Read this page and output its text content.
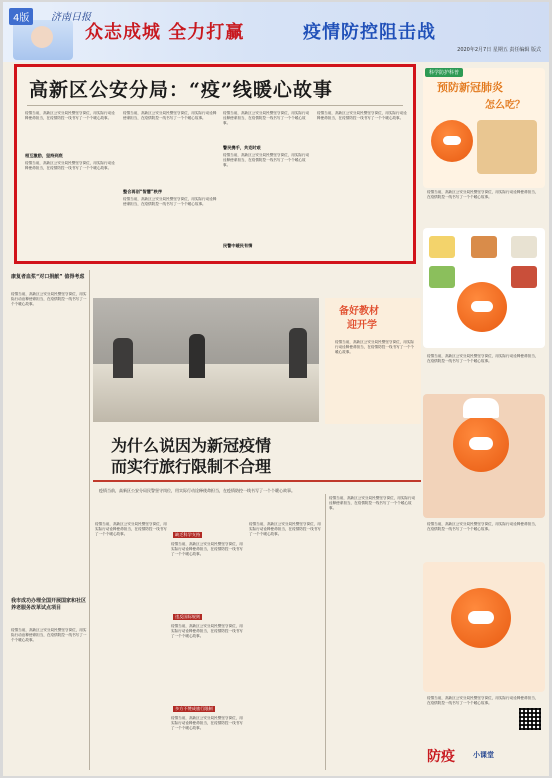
4版	济南日报
众志成城 全力打赢	疫情防控阻击战
2020年2月7日 星期五 责任编辑 版式
高新区公安分局：“疫”线暖心故事
相互激励，坚持到底
整合再创“智慧”秩序
警民携手，共克时艰
民警中暖民有情
疫情当前，高新区公安分局民警坚守岗位，用实际行动诠释使命担当，在疫情防控一线书写了一个个暖心故事。
疫情当前，高新区公安分局民警坚守岗位，用实际行动诠释使命担当，在疫情防控一线书写了一个个暖心故事。
疫情当前，高新区公安分局民警坚守岗位，用实际行动诠释使命担当，在疫情防控一线书写了一个个暖心故事。
疫情当前，高新区公安分局民警坚守岗位，用实际行动诠释使命担当，在疫情防控一线书写了一个个暖心故事。
疫情当前，高新区公安分局民警坚守岗位，用实际行动诠释使命担当，在疫情防控一线书写了一个个暖心故事。
疫情当前，高新区公安分局民警坚守岗位，用实际行动诠释使命担当，在疫情防控一线书写了一个个暖心故事。
疫情当前，高新区公安分局民警坚守岗位，用实际行动诠释使命担当，在疫情防控一线书写了一个个暖心故事。
康复者血浆“对口捐献” 值得考虑
疫情当前，高新区公安分局民警坚守岗位，用实际行动诠释使命担当，在疫情防控一线书写了一个个暖心故事。
我市成功办理全国开展国家和社区养老服务改革试点项目
疫情当前，高新区公安分局民警坚守岗位，用实际行动诠释使命担当，在疫情防控一线书写了一个个暖心故事。
备好教材
迎开学
疫情当前，高新区公安分局民警坚守岗位，用实际行动诠释使命担当，在疫情防控一线书写了一个个暖心故事。
为什么说因为新冠疫情
而实行旅行限制不合理
疫情当前，高新区公安分局民警坚守岗位，用实际行动诠释使命担当，在疫情防控一线书写了一个个暖心故事。
疫情当前，高新区公安分局民警坚守岗位，用实际行动诠释使命担当，在疫情防控一线书写了一个个暖心故事。	缺乏科学支持
疫情当前，高新区公安分局民警坚守岗位，用实际行动诠释使命担当，在疫情防控一线书写了一个个暖心故事。
违反国际规则
疫情当前，高新区公安分局民警坚守岗位，用实际行动诠释使命担当，在疫情防控一线书写了一个个暖心故事。
多方不赞成旅行限制
疫情当前，高新区公安分局民警坚守岗位，用实际行动诠释使命担当，在疫情防控一线书写了一个个暖心故事。
疫情当前，高新区公安分局民警坚守岗位，用实际行动诠释使命担当，在疫情防控一线书写了一个个暖心故事。
疫情当前，高新区公安分局民警坚守岗位，用实际行动诠释使命担当，在疫情防控一线书写了一个个暖心故事。
科学防护科普
预防新冠肺炎
怎么吃？
疫情当前，高新区公安分局民警坚守岗位，用实际行动诠释使命担当，在疫情防控一线书写了一个个暖心故事。
疫情当前，高新区公安分局民警坚守岗位，用实际行动诠释使命担当，在疫情防控一线书写了一个个暖心故事。
疫情当前，高新区公安分局民警坚守岗位，用实际行动诠释使命担当，在疫情防控一线书写了一个个暖心故事。
疫情当前，高新区公安分局民警坚守岗位，用实际行动诠释使命担当，在疫情防控一线书写了一个个暖心故事。
防疫	小课堂
